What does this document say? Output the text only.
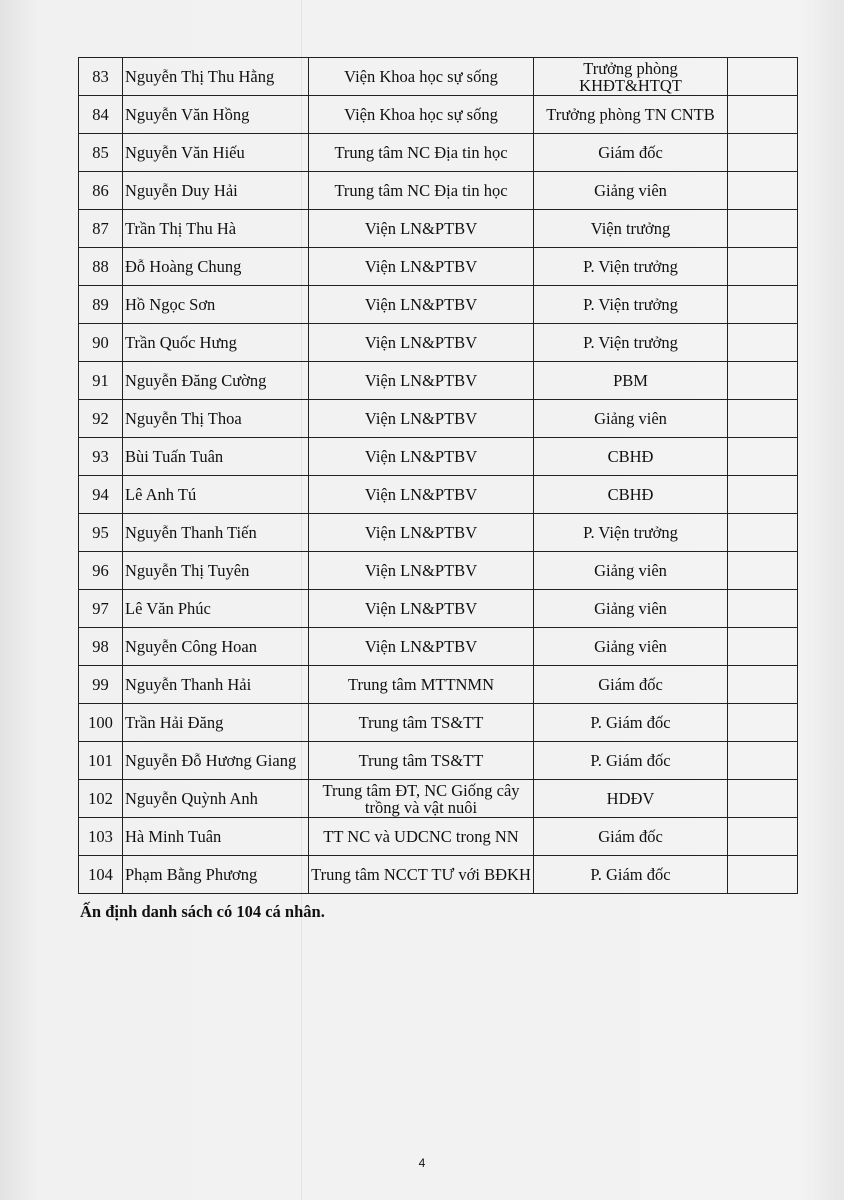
83	Nguyễn Thị Thu Hằng	Viện Khoa học sự sống	Trưởng phòng KHĐT&HTQT	
84	Nguyễn Văn Hồng	Viện Khoa học sự sống	Trưởng phòng TN CNTB	
85	Nguyễn Văn Hiếu	Trung tâm NC Địa tin học	Giám đốc	
86	Nguyễn Duy Hải	Trung tâm NC Địa tin học	Giảng viên	
87	Trần Thị Thu Hà	Viện LN&PTBV	Viện trưởng	
88	Đỗ Hoàng Chung	Viện LN&PTBV	P. Viện trưởng	
89	Hồ Ngọc Sơn	Viện LN&PTBV	P. Viện trưởng	
90	Trần Quốc Hưng	Viện LN&PTBV	P. Viện trưởng	
91	Nguyễn Đăng Cường	Viện LN&PTBV	PBM	
92	Nguyễn Thị Thoa	Viện LN&PTBV	Giảng viên	
93	Bùi Tuấn Tuân	Viện LN&PTBV	CBHĐ	
94	Lê Anh Tú	Viện LN&PTBV	CBHĐ	
95	Nguyễn Thanh Tiến	Viện LN&PTBV	P. Viện trưởng	
96	Nguyễn Thị Tuyên	Viện LN&PTBV	Giảng viên	
97	Lê Văn Phúc	Viện LN&PTBV	Giảng viên	
98	Nguyễn Công Hoan	Viện LN&PTBV	Giảng viên	
99	Nguyễn Thanh Hải	Trung tâm MTTNMN	Giám đốc	
100	Trần Hải Đăng	Trung tâm TS&TT	P. Giám đốc	
101	Nguyễn Đỗ Hương Giang	Trung tâm TS&TT	P. Giám đốc	
102	Nguyễn Quỳnh Anh	Trung tâm ĐT, NC Giống cây trồng và vật nuôi	HDĐV	
103	Hà Minh Tuân	TT NC và UDCNC trong NN	Giám đốc	
104	Phạm Bằng Phương	Trung tâm NCCT TƯ với BĐKH	P. Giám đốc	
Ấn định danh sách có 104 cá nhân.
4
